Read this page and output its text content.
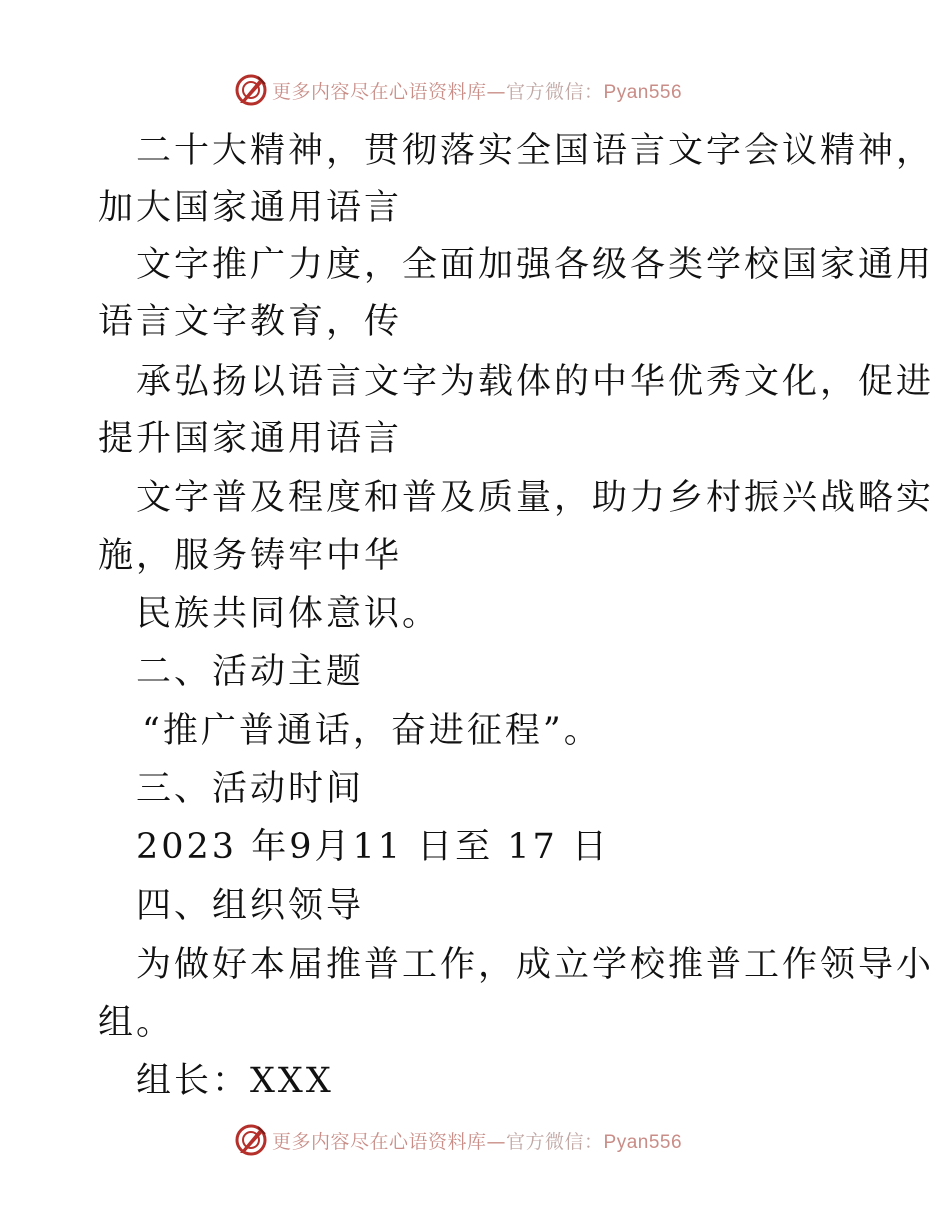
更多内容尽在心语资料库—官方微信：Pyan556
二十大精神，贯彻落实全国语言文字会议精神，
加大国家通用语言
文字推广力度，全面加强各级各类学校国家通用
语言文字教育，传
承弘扬以语言文字为载体的中华优秀文化，促进
提升国家通用语言
文字普及程度和普及质量，助力乡村振兴战略实
施，服务铸牢中华
民族共同体意识。
二、活动主题
“推广普通话，奋进征程”。
三、活动时间
2023 年9月11 日至 17 日
四、组织领导
为做好本届推普工作，成立学校推普工作领导小
组。
组长：XXX
更多内容尽在心语资料库—官方微信：Pyan556
